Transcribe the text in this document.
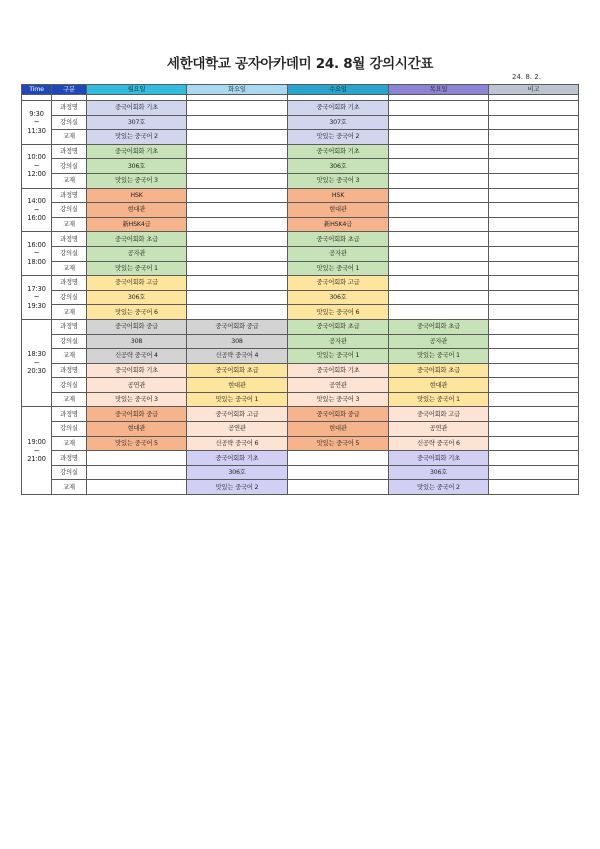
세한대학교 공자아카데미 24. 8월 강의시간표
24. 8. 2.
Time	구분	월요일	화요일	수요일	목요일	비고

9:30
~
11:30	과정명	중국어회화 기초		중국어회화 기초		
	강의실	307호		307호		
	교재	맛있는 중국어 2		맛있는 중국어 2		
10:00
~
12:00	과정명	중국어회화 기초		중국어회화 기초		
	강의실	306호		306호		
	교재	맛있는 중국어 3		맛있는 중국어 3		
14:00
~
16:00	과정명	HSK		HSK		
	강의실	현대관		현대관		
	교재	新HSK4급		新HSK4급		
16:00
~
18:00	과정명	중국어회화 초급		중국어회화 초급		
	강의실	공자관		공자관		
	교재	맛있는 중국어 1		맛있는 중국어 1		
17:30
~
19:30	과정명	중국어회화 고급		중국어회화 고급		
	강의실	306호		306호		
	교재	맛있는 중국어 6		맛있는 중국어 6		
18:30
~
20:30	과정명	중국어회화 중급	중국어회화 중급	중국어회화 초급	중국어회화 초급	
	강의실	308	308	공자관	공자관	
	교재	신공략 중국어 4	신공략 중국어 4	맛있는 중국어 1	맛있는 중국어 1	
	과정명	중국어회화 기초	중국어회화 초급	중국어회화 기초	중국어회화 초급	
	강의실	공연관	현대관	공연관	현대관	
	교재	맛있는 중국어 3	맛있는 중국어 1	맛있는 중국어 3	맛있는 중국어 1	
19:00
~
21:00	과정명	중국어회화 중급	중국어회화 고급	중국어회화 중급	중국어회화 고급	
	강의실	현대관	공연관	현대관	공연관	
	교재	맛있는 중국어 5	신공략 중국어 6	맛있는 중국어 5	신공략 중국어 6	
	과정명		중국어회화 기초		중국어회화 기초	
	강의실		306호		306호	
	교재		맛있는 중국어 2		맛있는 중국어 2	
